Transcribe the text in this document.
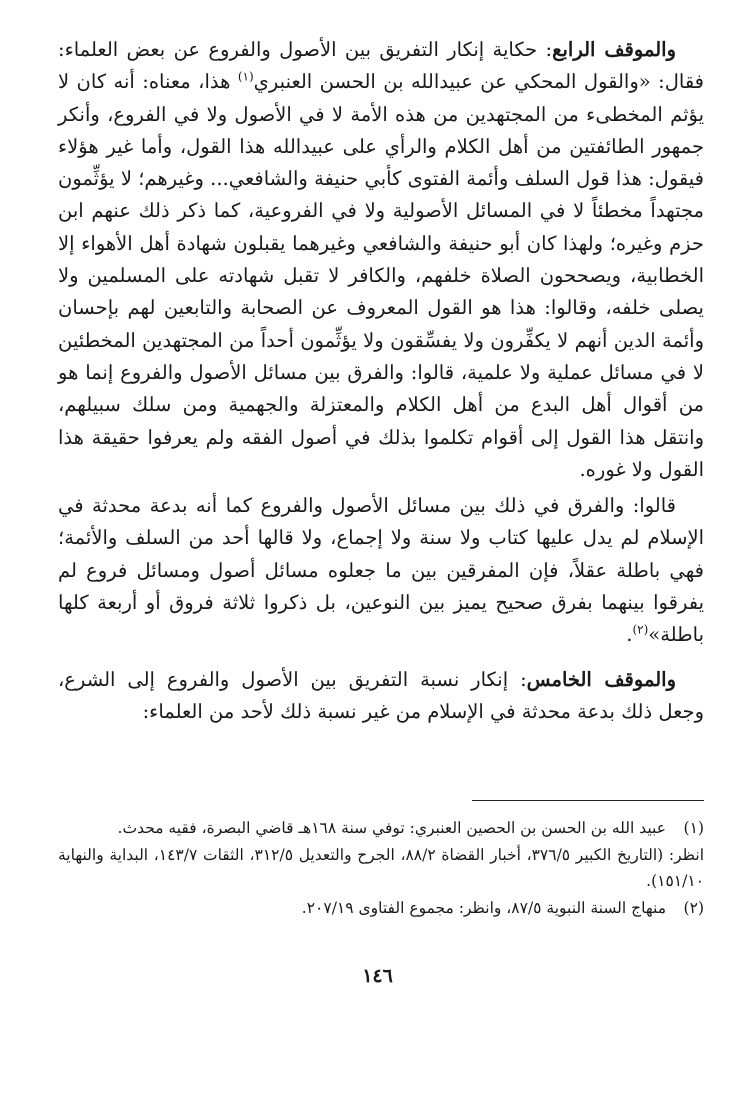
والموقف الرابع: حكاية إنكار التفريق بين الأصول والفروع عن بعض العلماء: فقال: «والقول المحكي عن عبيدالله بن الحسن العنبري$^{(١)}$ هذا، معناه: أنه كان لا يؤثم المخطىء من المجتهدين من هذه الأمة لا في الأصول ولا في الفروع، وأنكر جمهور الطائفتين من أهل الكلام والرأي على عبيدالله هذا القول، وأما غير هؤلاء فيقول: هذا قول السلف وأئمة الفتوى كأبي حنيفة والشافعي... وغيرهم؛ لا يؤثِّمون مجتهداً مخطئاً لا في المسائل الأصولية ولا في الفروعية، كما ذكر ذلك عنهم ابن حزم وغيره؛ ولهذا كان أبو حنيفة والشافعي وغيرهما يقبلون شهادة أهل الأهواء إلا الخطابية، ويصححون الصلاة خلفهم، والكافر لا تقبل شهادته على المسلمين ولا يصلى خلفه، وقالوا: هذا هو القول المعروف عن الصحابة والتابعين لهم بإحسان وأئمة الدين أنهم لا يكفِّرون ولا يفسِّقون ولا يؤثِّمون أحداً من المجتهدين المخطئين لا في مسائل عملية ولا علمية، قالوا: والفرق بين مسائل الأصول والفروع إنما هو من أقوال أهل البدع من أهل الكلام والمعتزلة والجهمية ومن سلك سبيلهم، وانتقل هذا القول إلى أقوام تكلموا بذلك في أصول الفقه ولم يعرفوا حقيقة هذا القول ولا غوره.

قالوا: والفرق في ذلك بين مسائل الأصول والفروع كما أنه بدعة محدثة في الإسلام لم يدل عليها كتاب ولا سنة ولا إجماع، ولا قالها أحد من السلف والأئمة؛ فهي باطلة عقلاً، فإن المفرقين بين ما جعلوه مسائل أصول ومسائل فروع لم يفرقوا بينهما بفرق صحيح يميز بين النوعين، بل ذكروا ثلاثة فروق أو أربعة كلها باطلة»$^{(٢)}$.

والموقف الخامس: إنكار نسبة التفريق بين الأصول والفروع إلى الشرع، وجعل ذلك بدعة محدثة في الإسلام من غير نسبة ذلك لأحد من العلماء:

(١)

عبيد الله بن الحسن بن الحصين العنبري: توفي سنة ١٦٨هـ قاضي البصرة، فقيه محدث.

انظر: (التاريخ الكبير ٣٧٦/٥، أخبار القضاة ٨٨/٢، الجرح والتعديل ٣١٢/٥، الثقات ١٤٣/٧، البداية والنهاية ١٥١/١٠).

(٢)

منهاج السنة النبوية ٨٧/٥، وانظر: مجموع الفتاوى ٢٠٧/١٩.

١٤٦
